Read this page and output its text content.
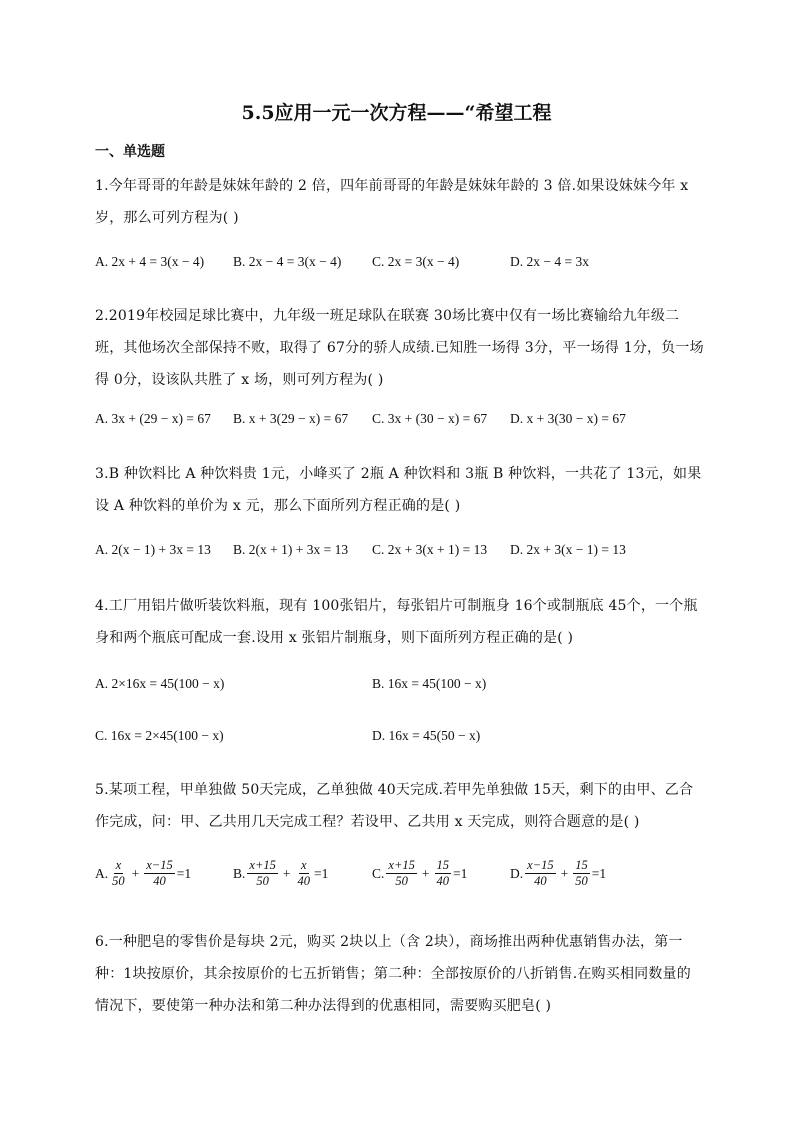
5.5应用一元一次方程——“希望工程
一、单选题
1.今年哥哥的年龄是妹妹年龄的 2 倍，四年前哥哥的年龄是妹妹年龄的 3 倍.如果设妹妹今年 x 岁，那么可列方程为( )
A. 2x + 4 = 3(x − 4) B. 2x − 4 = 3(x − 4) C. 2x = 3(x − 4)	D. 2x − 4 = 3x
2.2019年校园足球比赛中，九年级一班足球队在联赛 30场比赛中仅有一场比赛输给九年级二班，其他场次全部保持不败，取得了 67分的骄人成绩.已知胜一场得 3分，平一场得 1分，负一场得 0分，设该队共胜了 x 场，则可列方程为( )
A. 3x + (29 − x) = 67 B. x + 3(29 − x) = 67 C. 3x + (30 − x) = 67 D. x + 3(30 − x) = 67
3.B 种饮料比 A 种饮料贵 1元，小峰买了 2瓶 A 种饮料和 3瓶 B 种饮料，一共花了 13元，如果设 A 种饮料的单价为 x 元，那么下面所列方程正确的是( )
A. 2(x − 1) + 3x = 13 B. 2(x + 1) + 3x = 13 C. 2x + 3(x + 1) = 13 D. 2x + 3(x − 1) = 13
4.工厂用铝片做听装饮料瓶，现有 100张铝片，每张铝片可制瓶身 16个或制瓶底 45个，一个瓶身和两个瓶底可配成一套.设用 x 张铝片制瓶身，则下面所列方程正确的是( )
A. 2×16x = 45(100 − x)	B. 16x = 45(100 − x)
C. 16x = 2×45(100 − x)	D. 16x = 45(50 − x)
5.某项工程，甲单独做 50天完成，乙单独做 40天完成.若甲先单独做 15天，剩下的由甲、乙合作完成，问：甲、乙共用几天完成工程？若设甲、乙共用 x 天完成，则符合题意的是( )
A. $\frac{x}{50} + \frac{x-15}{40} =1$	B. $\frac{x+15}{50} + \frac{x}{40} =1$	C. $\frac{x+15}{50} + \frac{15}{40} =1$	D. $\frac{x-15}{40} + \frac{15}{50} =1$
6.一种肥皂的零售价是每块 2元，购买 2块以上（含 2块），商场推出两种优惠销售办法，第一种：1块按原价，其余按原价的七五折销售；第二种：全部按原价的八折销售.在购买相同数量的情况下，要使第一种办法和第二种办法得到的优惠相同，需要购买肥皂( )
